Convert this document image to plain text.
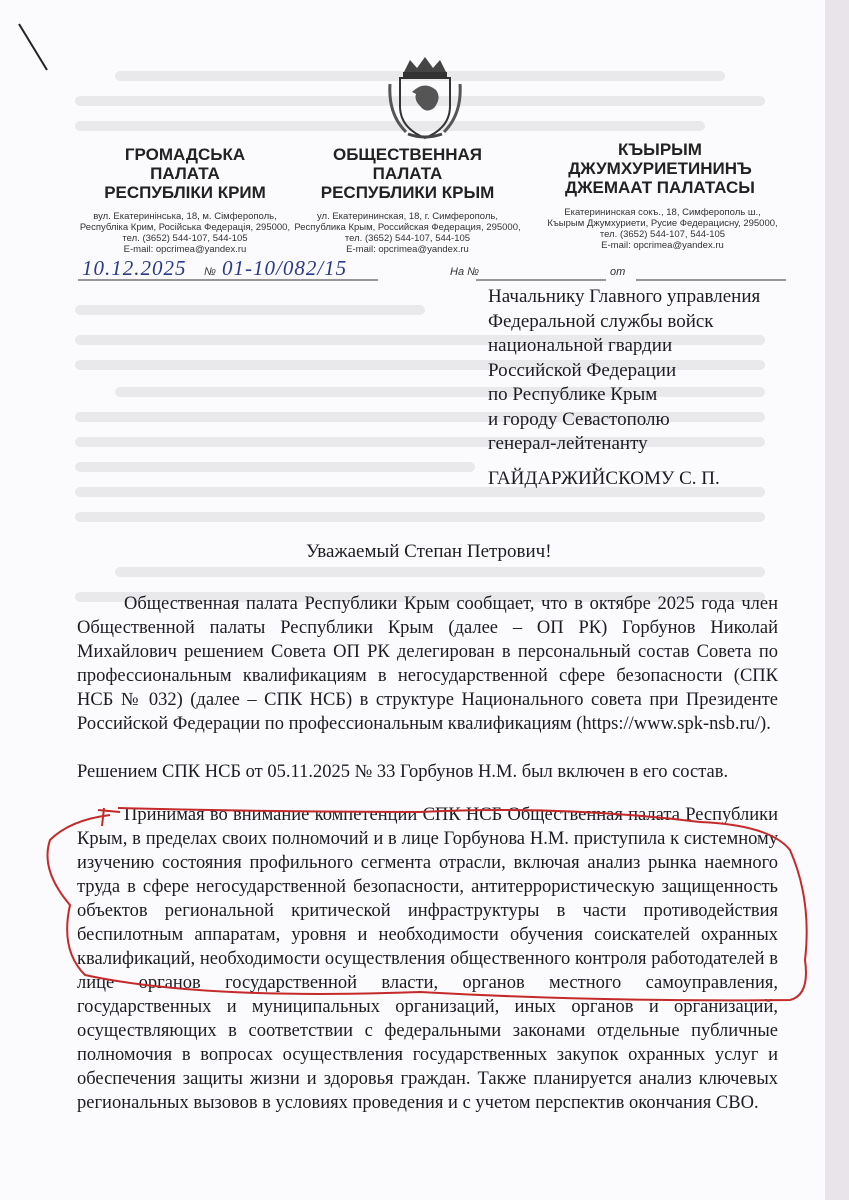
ГРОМАДСЬКА
ПАЛАТА
РЕСПУБЛІКИ КРИМ
вул. Екатеринінська, 18, м. Сімферополь,
Республіка Крим, Російська Федерація, 295000,
тел. (3652) 544-107, 544-105
E-mail: opcrimea@yandex.ru
ОБЩЕСТВЕННАЯ
ПАЛАТА
РЕСПУБЛИКИ КРЫМ
ул. Екатерининская, 18, г. Симферополь,
Республика Крым, Российская Федерация, 295000,
тел. (3652) 544-107, 544-105
E-mail: opcrimea@yandex.ru
КЪЫРЫМ
ДЖУМХУРИЕТИНИНЪ
ДЖЕМААТ ПАЛАТАСЫ
Екатерининская сокъ., 18, Симферополь ш.,
Къырым Джумхуриети, Русие Федерацисну, 295000,
тел. (3652) 544-107, 544-105
E-mail: opcrimea@yandex.ru
10.12.2025 № 01-10/082/15	На №	от
Начальнику Главного управления
Федеральной службы войск
национальной гвардии
Российской Федерации
по Республике Крым
и городу Севастополю
генерал-лейтенанту
ГАЙДАРЖИЙСКОМУ С. П.
Уважаемый Степан Петрович!
Общественная палата Республики Крым сообщает, что в октябре 2025 года член Общественной палаты Республики Крым (далее – ОП РК) Горбунов Николай Михайлович решением Совета ОП РК делегирован в персональный состав Совета по профессиональным квалификациям в негосударственной сфере безопасности (СПК НСБ № 032) (далее – СПК НСБ) в структуре Национального совета при Президенте Российской Федерации по профессиональным квалификациям (https://www.spk-nsb.ru/).
Решением СПК НСБ от 05.11.2025 № 33 Горбунов Н.М. был включен в его состав.
Принимая во внимание компетенции СПК НСБ Общественная палата Республики Крым, в пределах своих полномочий и в лице Горбунова Н.М. приступила к системному изучению состояния профильного сегмента отрасли, включая анализ рынка наемного труда в сфере негосударственной безопасности, антитеррористическую защищенность объектов региональной критической инфраструктуры в части противодействия беспилотным аппаратам, уровня и необходимости обучения соискателей охранных квалификаций, необходимости осуществления общественного контроля работодателей в лице органов государственной власти, органов местного самоуправления, государственных и муниципальных организаций, иных органов и организаций, осуществляющих в соответствии с федеральными законами отдельные публичные полномочия в вопросах осуществления государственных закупок охранных услуг и обеспечения защиты жизни и здоровья граждан. Также планируется анализ ключевых региональных вызовов в условиях проведения и с учетом перспектив окончания СВО.
